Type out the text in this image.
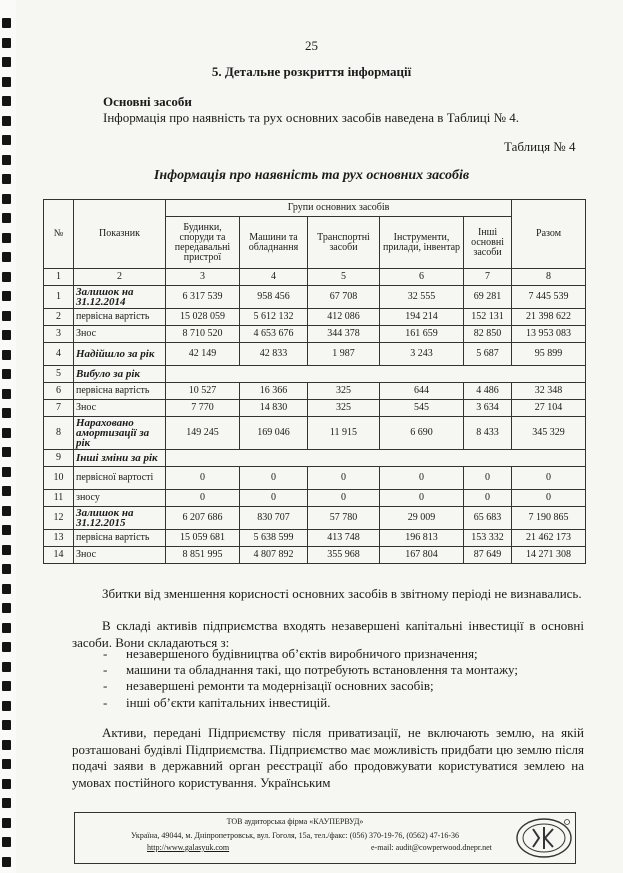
25
5. Детальне розкриття інформації
Основні засоби
Інформація про наявність та рух основних засобів наведена в Таблиці № 4.
Таблиця № 4
Інформація про наявність та рух основних засобів
№	Показник	Групи основних засобів					Разом
		Будинки, споруди та передавальні пристрої	Машини та обладнання	Транспортні засоби	Інструменти, прилади, інвентар	Інші основні засоби	
1	2	3	4	5	6	7	8
1	Залишок на 31.12.2014	6 317 539	958 456	67 708	32 555	69 281	7 445 539
2	первісна вартість	15 028 059	5 612 132	412 086	194 214	152 131	21 398 622
3	Знос	8 710 520	4 653 676	344 378	161 659	82 850	13 953 083
4	Надійшло за рік	42 149	42 833	1 987	3 243	5 687	95 899
5	Вибуло за рік						
6	первісна вартість	10 527	16 366	325	644	4 486	32 348
7	Знос	7 770	14 830	325	545	3 634	27 104
8	Нараховано амортизації за рік	149 245	169 046	11 915	6 690	8 433	345 329
9	Інші зміни за рік						
10	первісної вартості	0	0	0	0	0	0
11	зносу	0	0	0	0	0	0
12	Залишок на 31.12.2015	6 207 686	830 707	57 780	29 009	65 683	7 190 865
13	первісна вартість	15 059 681	5 638 599	413 748	196 813	153 332	21 462 173
14	Знос	8 851 995	4 807 892	355 968	167 804	87 649	14 271 308
Збитки від зменшення корисності основних засобів в звітному періоді не визнавались.
В складі активів підприємства входять незавершені капітальні інвестиції в основні засоби. Вони складаються з:
- незавершеного будівництва об’єктів виробничого призначення;
- машини та обладнання такі, що потребують встановлення та монтажу;
- незавершені ремонти та модернізації основних засобів;
- інші об’єкти капітальних інвестицій.
Активи, передані Підприємству після приватизації, не включають землю, на якій розташовані будівлі Підприємства. Підприємство має можливість придбати цю землю після подачі заяви в державний орган реєстрації або продовжувати користуватися землею на умовах постійного користування. Українським
ТОВ аудиторська фірма «КАУПЕРВУД»
Україна, 49044, м. Дніпропетровськ, вул. Гоголя, 15а, тел./факс: (056) 370-19-76, (0562) 47-16-36
http://www.galasyuk.com	e-mail: audit@cowperwood.dnepr.net
